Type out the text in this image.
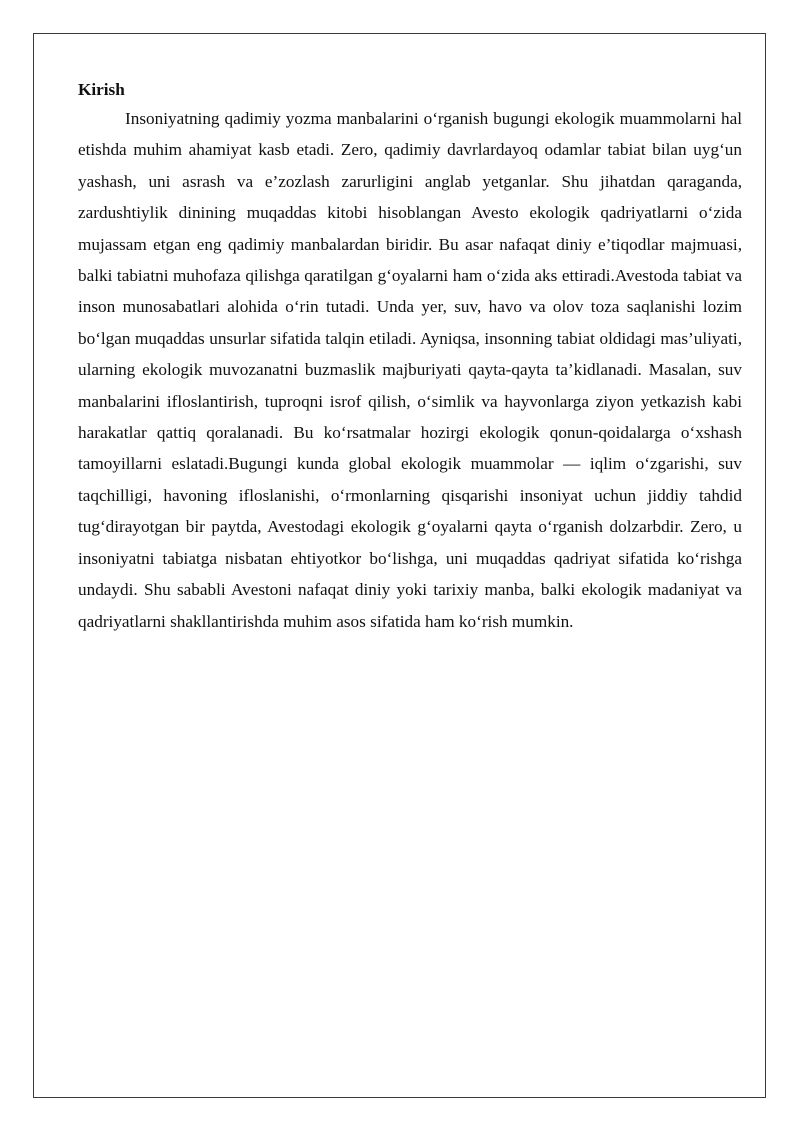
Kirish

Insoniyatning qadimiy yozma manbalarini o‘rganish bugungi ekologik muammolarni hal etishda muhim ahamiyat kasb etadi. Zero, qadimiy davrlardayoq odamlar tabiat bilan uyg‘un yashash, uni asrash va e’zozlash zarurligini anglab yetganlar. Shu jihatdan qaraganda, zardushtiylik dinining muqaddas kitobi hisoblangan Avesto ekologik qadriyatlarni o‘zida mujassam etgan eng qadimiy manbalardan biridir. Bu asar nafaqat diniy e’tiqodlar majmuasi, balki tabiatni muhofaza qilishga qaratilgan g‘oyalarni ham o‘zida aks ettiradi.Avestoda tabiat va inson munosabatlari alohida o‘rin tutadi. Unda yer, suv, havo va olov toza saqlanishi lozim bo‘lgan muqaddas unsurlar sifatida talqin etiladi. Ayniqsa, insonning tabiat oldidagi mas’uliyati, ularning ekologik muvozanatni buzmaslik majburiyati qayta-qayta ta’kidlanadi. Masalan, suv manbalarini ifloslantirish, tuproqni isrof qilish, o‘simlik va hayvonlarga ziyon yetkazish kabi harakatlar qattiq qoralanadi. Bu ko‘rsatmalar hozirgi ekologik qonun-qoidalarga o‘xshash tamoyillarni eslatadi.Bugungi kunda global ekologik muammolar — iqlim o‘zgarishi, suv taqchilligi, havoning ifloslanishi, o‘rmonlarning qisqarishi insoniyat uchun jiddiy tahdid tug‘dirayotgan bir paytda, Avestodagi ekologik g‘oyalarni qayta o‘rganish dolzarbdir. Zero, u insoniyatni tabiatga nisbatan ehtiyotkor bo‘lishga, uni muqaddas qadriyat sifatida ko‘rishga undaydi. Shu sababli Avestoni nafaqat diniy yoki tarixiy manba, balki ekologik madaniyat va qadriyatlarni shakllantirishda muhim asos sifatida ham ko‘rish mumkin.
